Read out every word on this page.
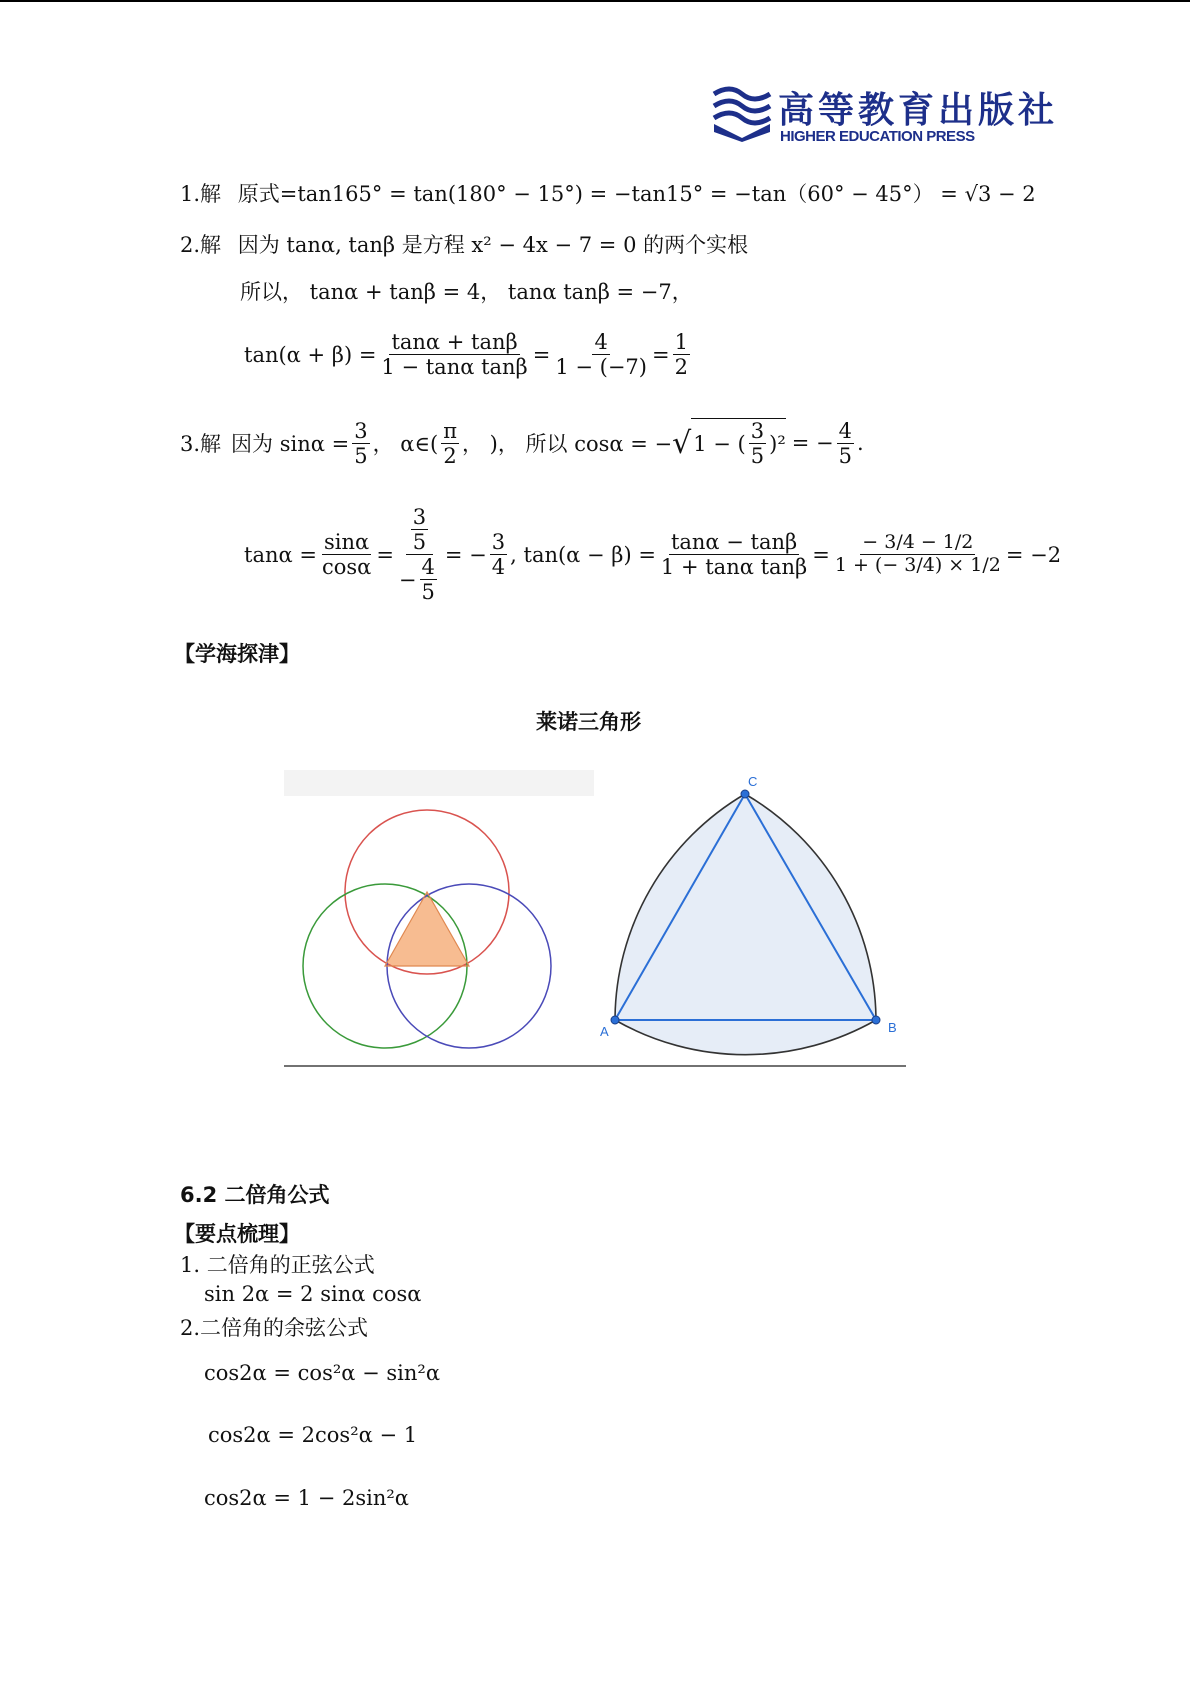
高等教育出版社
HIGHER EDUCATION PRESS
1.解 原式=tan165° = tan(180° − 15°) = −tan15° = −tan（60° − 45°） = √3 − 2
2.解 因为 tanα, tanβ 是方程 x² − 4x − 7 = 0 的两个实根
所以， tanα + tanβ = 4， tanα tanβ = −7，
$\tan(\alpha + \beta) = \frac{\tan\alpha + \tan\beta}{\text{1 − tanα tanβ}} = \frac{4}{1 - (-7)} = \frac{1}{2}$
3.解 因为 $\sin\alpha = \frac{3}{5}$ ， α∈( $\frac{\pi}{2}$ ， )， 所以 cosα = − √ 1 − ( $\frac{3}{5} )^2$ = − $\frac{4}{5}$ .
$\tan\alpha = \frac{\sin\alpha}{\cos\alpha} = \frac{\frac{3}{5}}{- \frac{4}{5}}$ = − $\frac{3}{4}$ , $\tan(\alpha - \beta) = \frac{\tan\alpha - \tan\beta}{\text{1 + tanα tanβ}} = \frac{- 3/4 - 1/2}{1 + (- 3/4) \times 1/2} = -2$
【学海探津】
莱诺三角形
A	B
C
6.2 二倍角公式
【要点梳理】
1. 二倍角的正弦公式
sin 2α = 2 sinα cosα
2.二倍角的余弦公式
cos2α = cos²α − sin²α
cos2α = 2cos²α − 1
cos2α = 1 − 2sin²α
